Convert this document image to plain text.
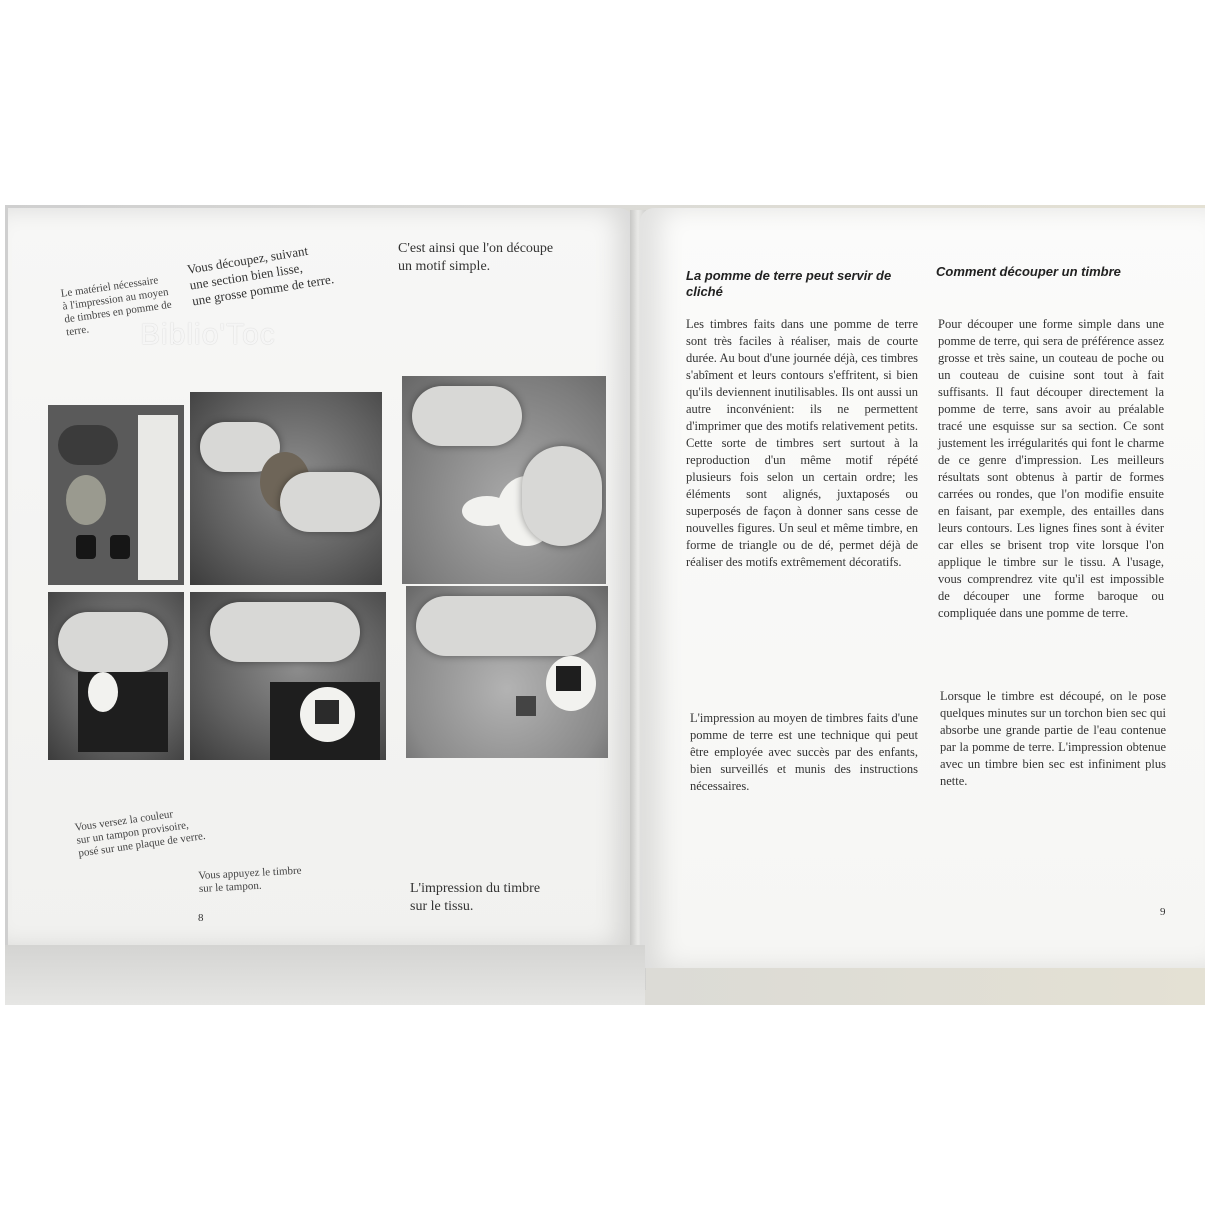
Le matériel nécessaire
à l'impression au moyen
de timbres en pomme de terre.
Vous découpez, suivant
une section bien lisse,
une grosse pomme de terre.
C'est ainsi que l'on découpe
un motif simple.
Biblio'Toc
Vous versez la couleur
sur un tampon provisoire,
posé sur une plaque de verre.
Vous appuyez le timbre
sur le tampon.	L'impression du timbre
sur le tissu.
8
La pomme de terre peut servir de cliché
Les timbres faits dans une pomme de terre sont très faciles à réaliser, mais de courte durée. Au bout d'une journée déjà, ces timbres s'abîment et leurs contours s'effritent, si bien qu'ils deviennent inutilisables. Ils ont aussi un autre inconvénient: ils ne permettent d'imprimer que des motifs relativement petits. Cette sorte de timbres sert surtout à la reproduction d'un même motif répété plusieurs fois selon un certain ordre; les éléments sont alignés, juxtaposés ou superposés de façon à donner sans cesse de nouvelles figures. Un seul et même timbre, en forme de triangle ou de dé, permet déjà de réaliser des motifs extrêmement décoratifs.
L'impression au moyen de timbres faits d'une pomme de terre est une technique qui peut être employée avec succès par des enfants, bien surveillés et munis des instructions nécessaires.
Comment découper un timbre
Pour découper une forme simple dans une pomme de terre, qui sera de préférence assez grosse et très saine, un couteau de poche ou un couteau de cuisine sont tout à fait suffisants. Il faut découper directement la pomme de terre, sans avoir au préalable tracé une esquisse sur sa section. Ce sont justement les irrégularités qui font le charme de ce genre d'impression. Les meilleurs résultats sont obtenus à partir de formes carrées ou rondes, que l'on modifie ensuite en faisant, par exemple, des entailles dans leurs contours. Les lignes fines sont à éviter car elles se brisent trop vite lorsque l'on applique le timbre sur le tissu. A l'usage, vous comprendrez vite qu'il est impossible de découper une forme baroque ou compliquée dans une pomme de terre.
Lorsque le timbre est découpé, on le pose quelques minutes sur un torchon bien sec qui absorbe une grande partie de l'eau contenue par la pomme de terre. L'impression obtenue avec un timbre bien sec est infiniment plus nette.
9
